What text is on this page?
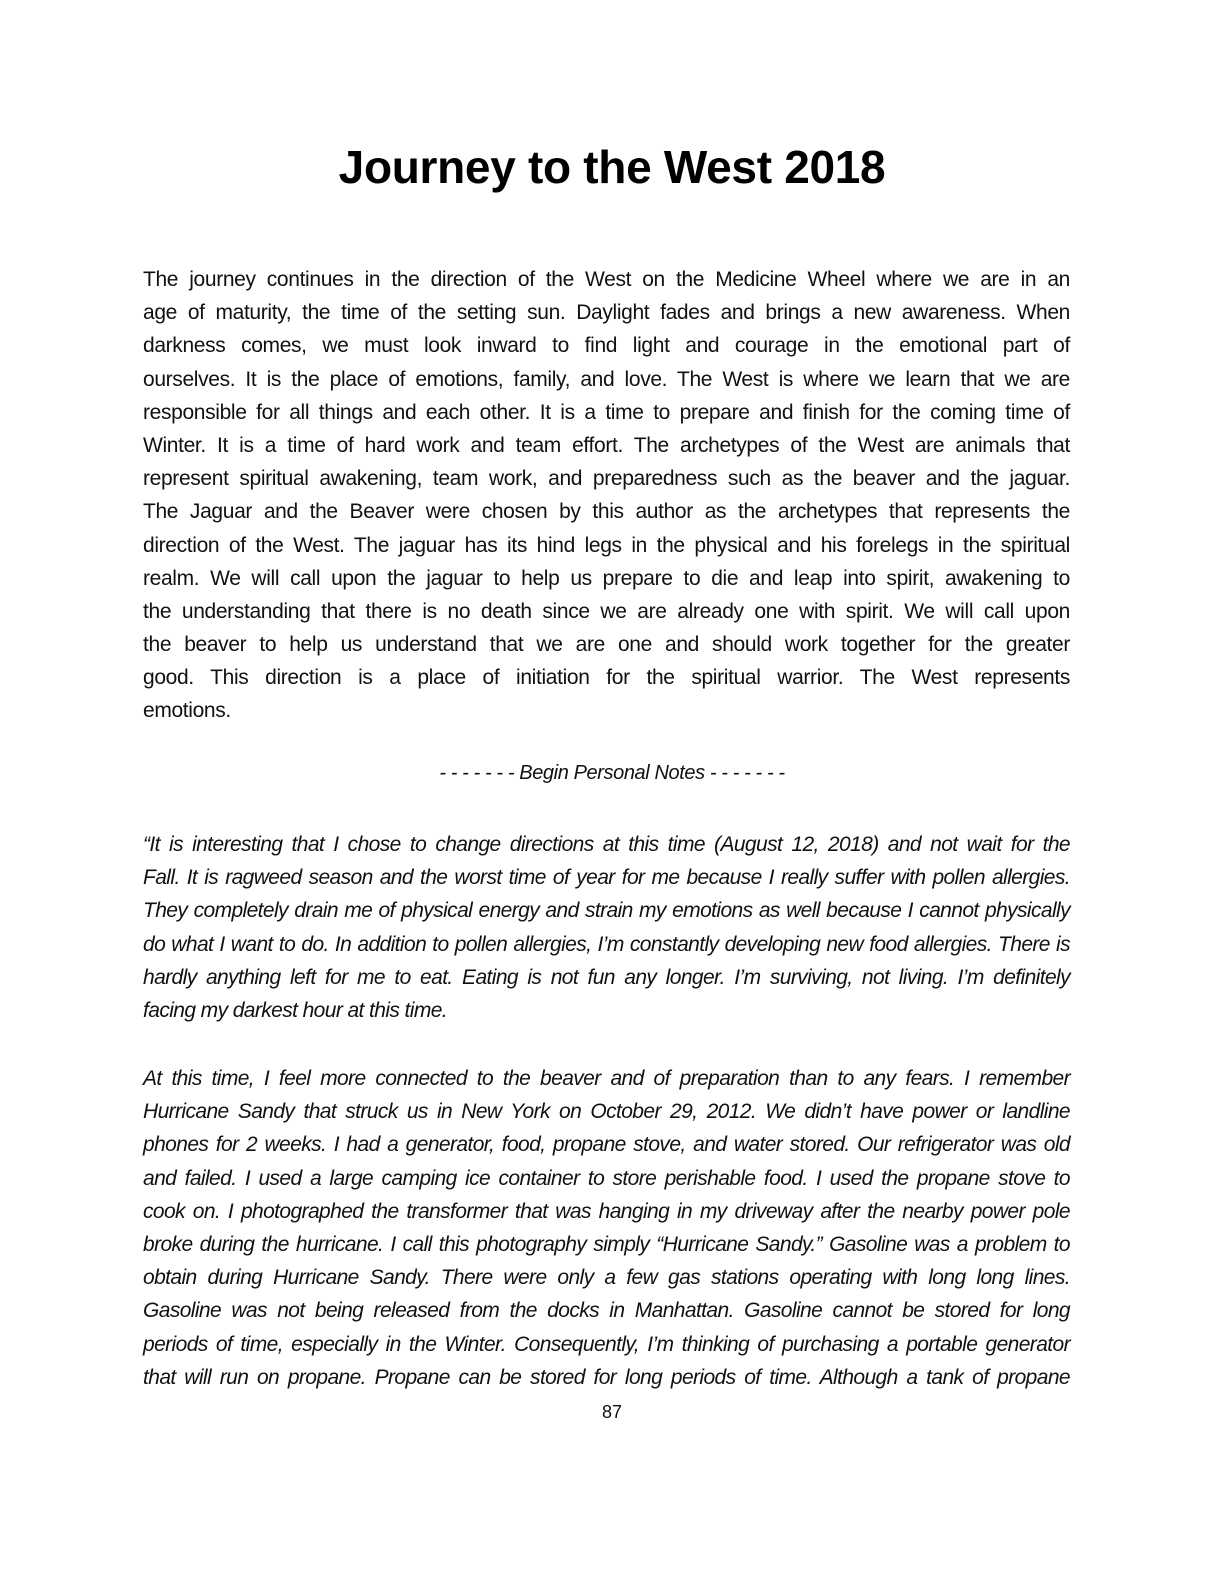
Journey to the West 2018
The journey continues in the direction of the West on the Medicine Wheel where we are in an
age of maturity, the time of the setting sun. Daylight fades and brings a new awareness. When
darkness comes, we must look inward to find light and courage in the emotional part of
ourselves. It is the place of emotions, family, and love. The West is where we learn that we are
responsible for all things and each other. It is a time to prepare and finish for the coming time of
Winter. It is a time of hard work and team effort. The archetypes of the West are animals that
represent spiritual awakening, team work, and preparedness such as the beaver and the jaguar.
The Jaguar and the Beaver were chosen by this author as the archetypes that represents the
direction of the West. The jaguar has its hind legs in the physical and his forelegs in the spiritual
realm. We will call upon the jaguar to help us prepare to die and leap into spirit, awakening to
the understanding that there is no death since we are already one with spirit. We will call upon
the beaver to help us understand that we are one and should work together for the greater
good. This direction is a place of initiation for the spiritual warrior. The West represents
emotions.
- - - - - - - Begin Personal Notes - - - - - - -
“It is interesting that I chose to change directions at this time (August 12, 2018) and not wait for the
Fall. It is ragweed season and the worst time of year for me because I really suffer with pollen allergies.
They completely drain me of physical energy and strain my emotions as well because I cannot physically
do what I want to do. In addition to pollen allergies, I’m constantly developing new food allergies. There is
hardly anything left for me to eat. Eating is not fun any longer. I’m surviving, not living. I’m definitely
facing my darkest hour at this time.
At this time, I feel more connected to the beaver and of preparation than to any fears. I remember
Hurricane Sandy that struck us in New York on October 29, 2012. We didn’t have power or landline
phones for 2 weeks. I had a generator, food, propane stove, and water stored. Our refrigerator was old
and failed. I used a large camping ice container to store perishable food. I used the propane stove to
cook on. I photographed the transformer that was hanging in my driveway after the nearby power pole
broke during the hurricane. I call this photography simply “Hurricane Sandy.” Gasoline was a problem to
obtain during Hurricane Sandy. There were only a few gas stations operating with long long lines.
Gasoline was not being released from the docks in Manhattan. Gasoline cannot be stored for long
periods of time, especially in the Winter. Consequently, I’m thinking of purchasing a portable generator
that will run on propane. Propane can be stored for long periods of time. Although a tank of propane
87
